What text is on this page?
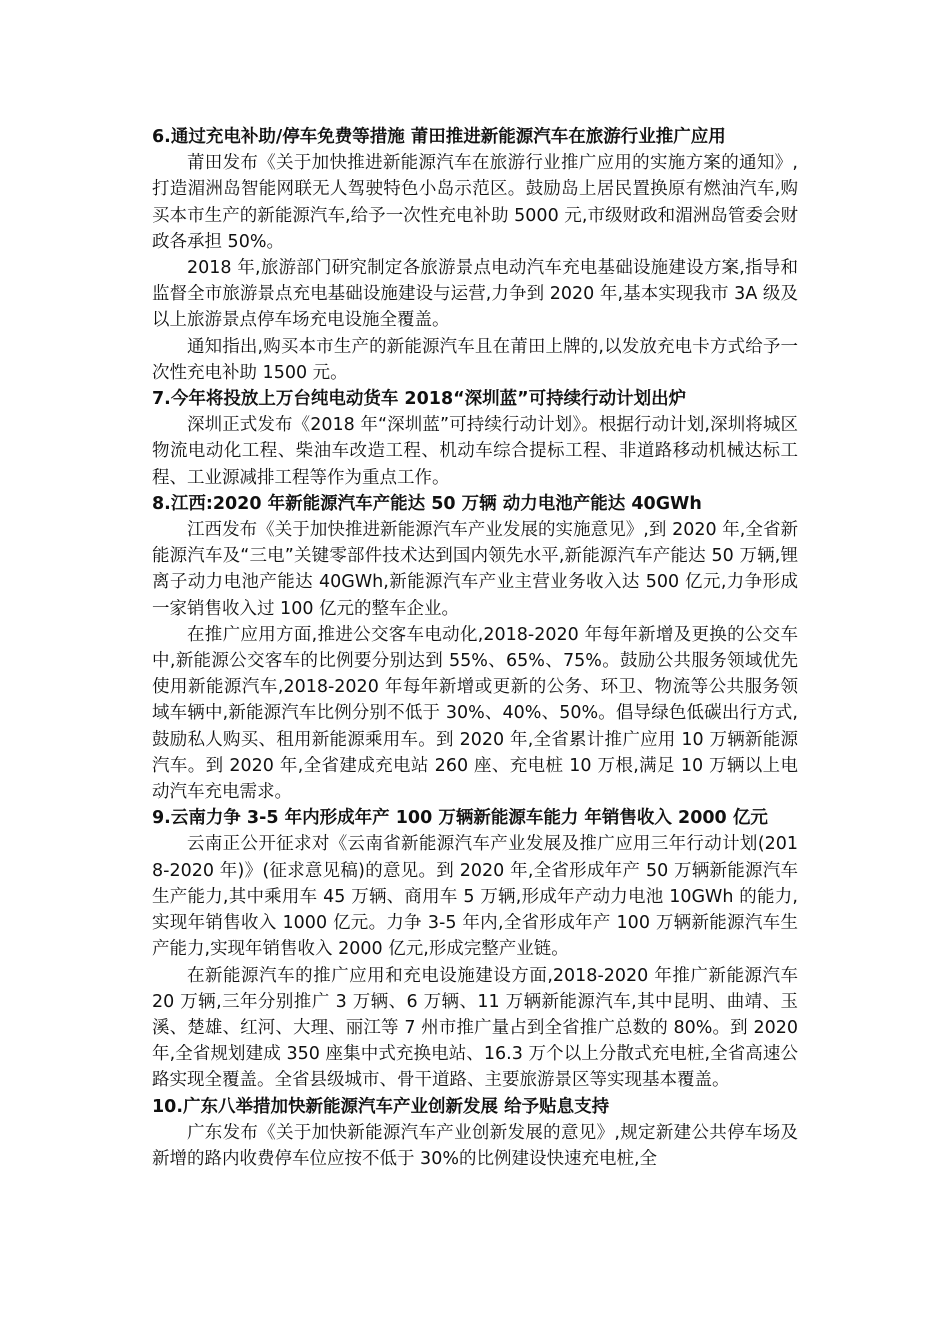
6.通过充电补助/停车免费等措施 莆田推进新能源汽车在旅游行业推广应用

莆田发布《关于加快推进新能源汽车在旅游行业推广应用的实施方案的通知》,打造湄洲岛智能网联无人驾驶特色小岛示范区。鼓励岛上居民置换原有燃油汽车,购买本市生产的新能源汽车,给予一次性充电补助 5000 元,市级财政和湄洲岛管委会财政各承担 50%。

2018 年,旅游部门研究制定各旅游景点电动汽车充电基础设施建设方案,指导和监督全市旅游景点充电基础设施建设与运营,力争到 2020 年,基本实现我市 3A 级及以上旅游景点停车场充电设施全覆盖。

通知指出,购买本市生产的新能源汽车且在莆田上牌的,以发放充电卡方式给予一次性充电补助 1500 元。

7.今年将投放上万台纯电动货车 2018“深圳蓝”可持续行动计划出炉

深圳正式发布《2018 年“深圳蓝”可持续行动计划》。根据行动计划,深圳将城区物流电动化工程、柴油车改造工程、机动车综合提标工程、非道路移动机械达标工程、工业源减排工程等作为重点工作。

8.江西:2020 年新能源汽车产能达 50 万辆 动力电池产能达 40GWh

江西发布《关于加快推进新能源汽车产业发展的实施意见》,到 2020 年,全省新能源汽车及“三电”关键零部件技术达到国内领先水平,新能源汽车产能达 50 万辆,锂离子动力电池产能达 40GWh,新能源汽车产业主营业务收入达 500 亿元,力争形成一家销售收入过 100 亿元的整车企业。

在推广应用方面,推进公交客车电动化,2018-2020 年每年新增及更换的公交车中,新能源公交客车的比例要分别达到 55%、65%、75%。鼓励公共服务领域优先使用新能源汽车,2018-2020 年每年新增或更新的公务、环卫、物流等公共服务领域车辆中,新能源汽车比例分别不低于 30%、40%、50%。倡导绿色低碳出行方式,鼓励私人购买、租用新能源乘用车。到 2020 年,全省累计推广应用 10 万辆新能源汽车。到 2020 年,全省建成充电站 260 座、充电桩 10 万根,满足 10 万辆以上电动汽车充电需求。

9.云南力争 3-5 年内形成年产 100 万辆新能源车能力 年销售收入 2000 亿元

云南正公开征求对《云南省新能源汽车产业发展及推广应用三年行动计划(2018-2020 年)》(征求意见稿)的意见。到 2020 年,全省形成年产 50 万辆新能源汽车生产能力,其中乘用车 45 万辆、商用车 5 万辆,形成年产动力电池 10GWh 的能力,实现年销售收入 1000 亿元。力争 3-5 年内,全省形成年产 100 万辆新能源汽车生产能力,实现年销售收入 2000 亿元,形成完整产业链。

在新能源汽车的推广应用和充电设施建设方面,2018-2020 年推广新能源汽车 20 万辆,三年分别推广 3 万辆、6 万辆、11 万辆新能源汽车,其中昆明、曲靖、玉溪、楚雄、红河、大理、丽江等 7 州市推广量占到全省推广总数的 80%。到 2020 年,全省规划建成 350 座集中式充换电站、16.3 万个以上分散式充电桩,全省高速公路实现全覆盖。全省县级城市、骨干道路、主要旅游景区等实现基本覆盖。

10.广东八举措加快新能源汽车产业创新发展 给予贴息支持

广东发布《关于加快新能源汽车产业创新发展的意见》,规定新建公共停车场及新增的路内收费停车位应按不低于 30%的比例建设快速充电桩,全
